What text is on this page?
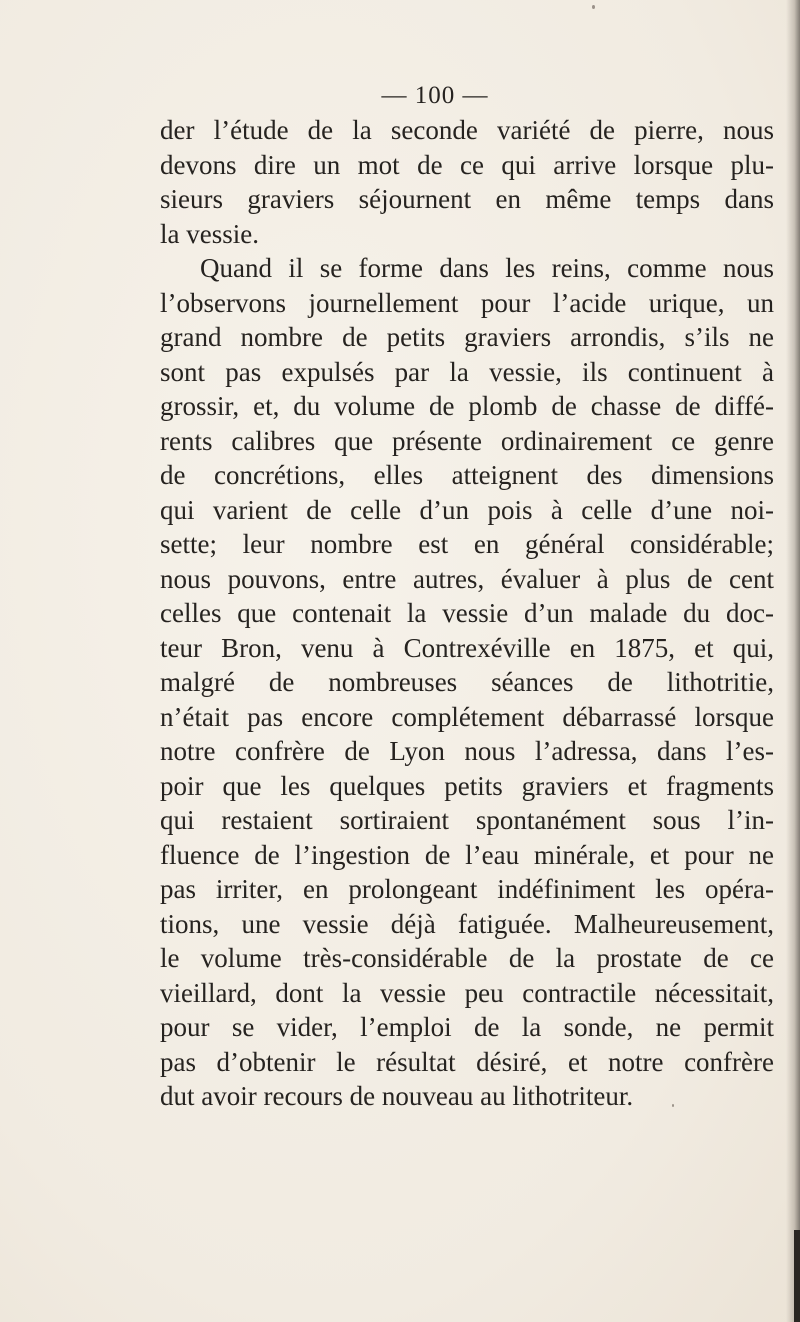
— 100 —
der l’étude de la seconde variété de pierre, nous
devons dire un mot de ce qui arrive lorsque plu-
sieurs graviers séjournent en même temps dans
la vessie.
Quand il se forme dans les reins, comme nous
l’observons journellement pour l’acide urique, un
grand nombre de petits graviers arrondis, s’ils ne
sont pas expulsés par la vessie, ils continuent à
grossir, et, du volume de plomb de chasse de diffé-
rents calibres que présente ordinairement ce genre
de concrétions, elles atteignent des dimensions
qui varient de celle d’un pois à celle d’une noi-
sette; leur nombre est en général considérable;
nous pouvons, entre autres, évaluer à plus de cent
celles que contenait la vessie d’un malade du doc-
teur Bron, venu à Contrexéville en 1875, et qui,
malgré de nombreuses séances de lithotritie,
n’était pas encore complétement débarrassé lorsque
notre confrère de Lyon nous l’adressa, dans l’es-
poir que les quelques petits graviers et fragments
qui restaient sortiraient spontanément sous l’in-
fluence de l’ingestion de l’eau minérale, et pour ne
pas irriter, en prolongeant indéfiniment les opéra-
tions, une vessie déjà fatiguée. Malheureusement,
le volume très-considérable de la prostate de ce
vieillard, dont la vessie peu contractile nécessitait,
pour se vider, l’emploi de la sonde, ne permit
pas d’obtenir le résultat désiré, et notre confrère
dut avoir recours de nouveau au lithotriteur.
